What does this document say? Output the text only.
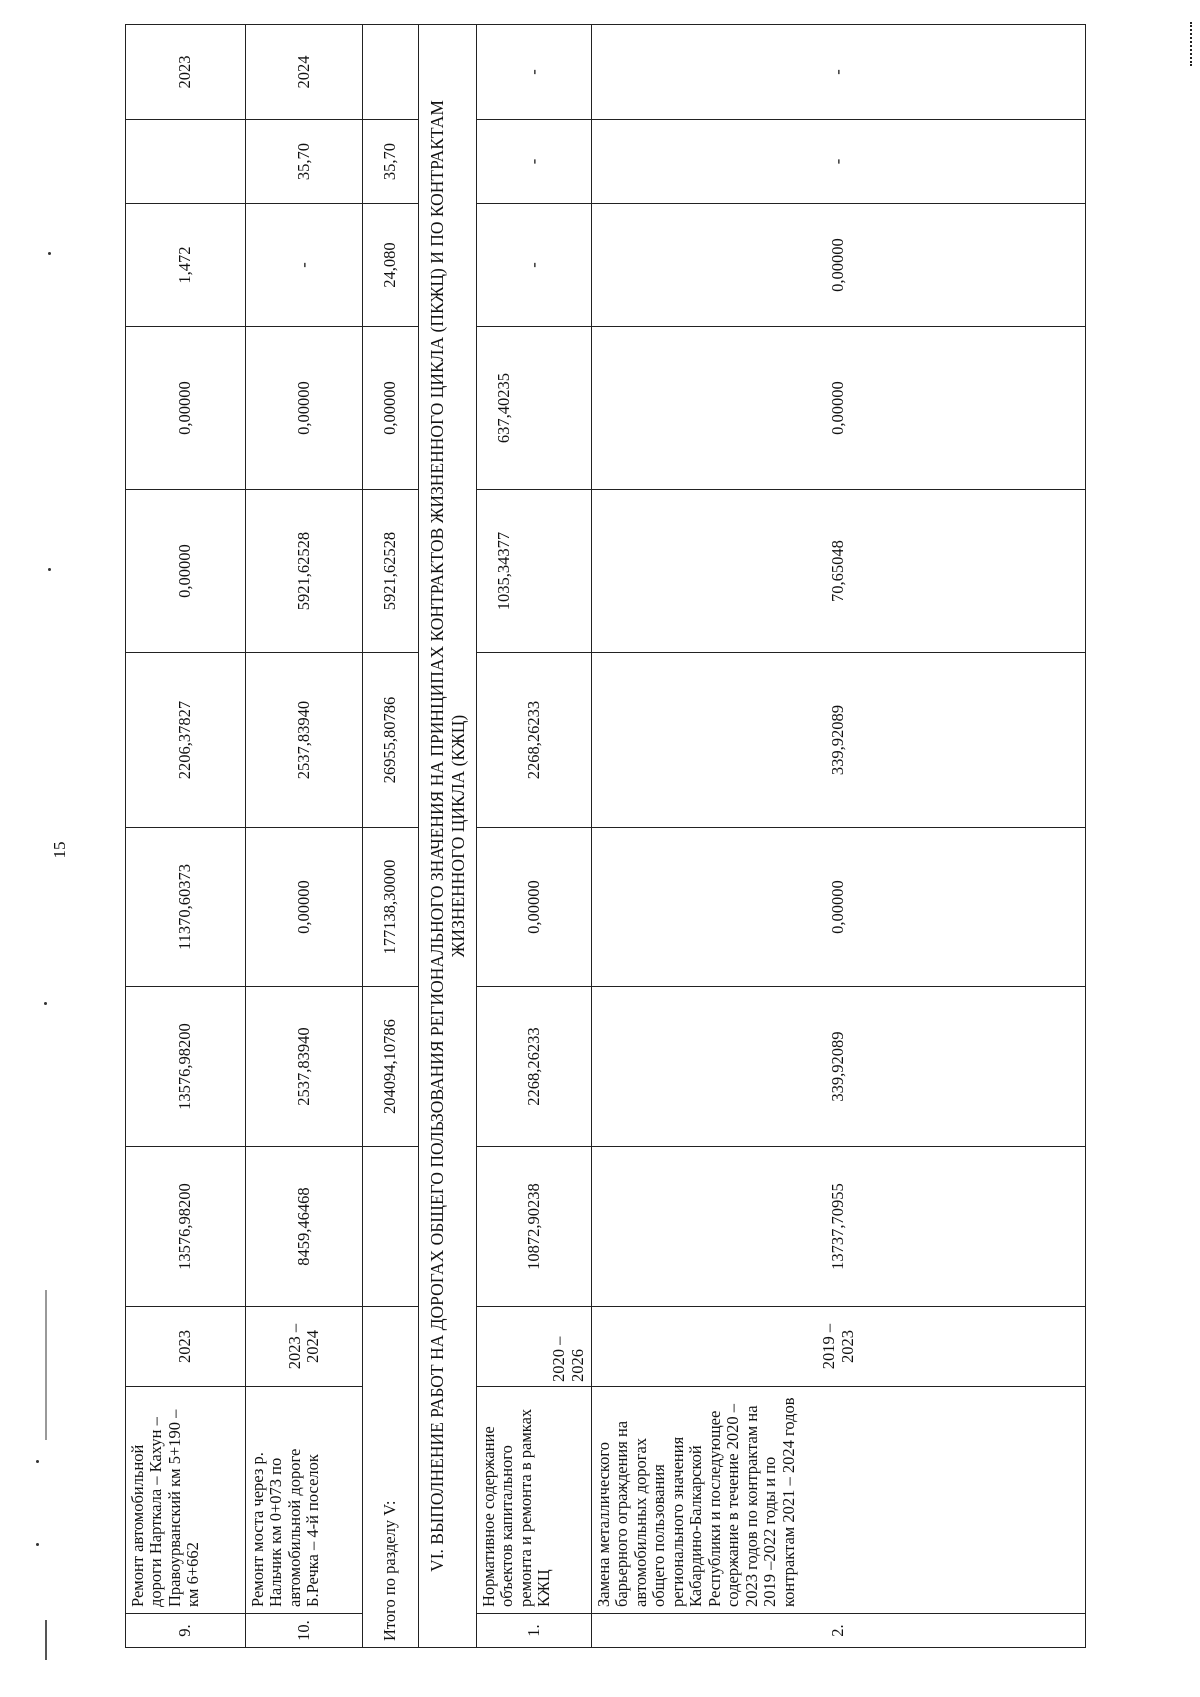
15
9.	Ремонт автомобильной дороги Нарткала – Кахун – Правоурванский км 5+190 – км 6+662	2023	13576,98200	13576,98200	11370,60373	2206,37827	0,00000	0,00000	1,472		2023
10.	Ремонт моста через р. Нальчик км 0+073 по автомобильной дороге Б.Речка – 4-й поселок	2023 – 2024	8459,46468	2537,83940	0,00000	2537,83940	5921,62528	0,00000	-	35,70	2024
Итого по разделу V:				204094,10786	177138,30000	26955,80786	5921,62528	0,00000	24,080	35,70	
VI. ВЫПОЛНЕНИЕ РАБОТ НА ДОРОГАХ ОБЩЕГО ПОЛЬЗОВАНИЯ РЕГИОНАЛЬНОГО ЗНАЧЕНИЯ НА ПРИНЦИПАХ КОНТРАКТОВ ЖИЗНЕННОГО ЦИКЛА (ПКЖЦ) И ПО КОНТРАКТАМ ЖИЗНЕННОГО ЦИКЛА (КЖЦ)											
1.	Нормативное содержание объектов капитального ремонта и ремонта в рамках КЖЦ	2020 – 2026	10872,90238	2268,26233	0,00000	2268,26233	1035,34377	637,40235	-	-	-
2.	Замена металлического барьерного ограждения на автомобильных дорогах общего пользования регионального значения Кабардино-Балкарской Республики и последующее содержание в течение 2020 – 2023 годов по контрактам на 2019 –2022 годы и по контрактам 2021 – 2024 годов	2019 – 2023	13737,70955	339,92089	0,00000	339,92089	70,65048	0,00000	0,00000	-	-
